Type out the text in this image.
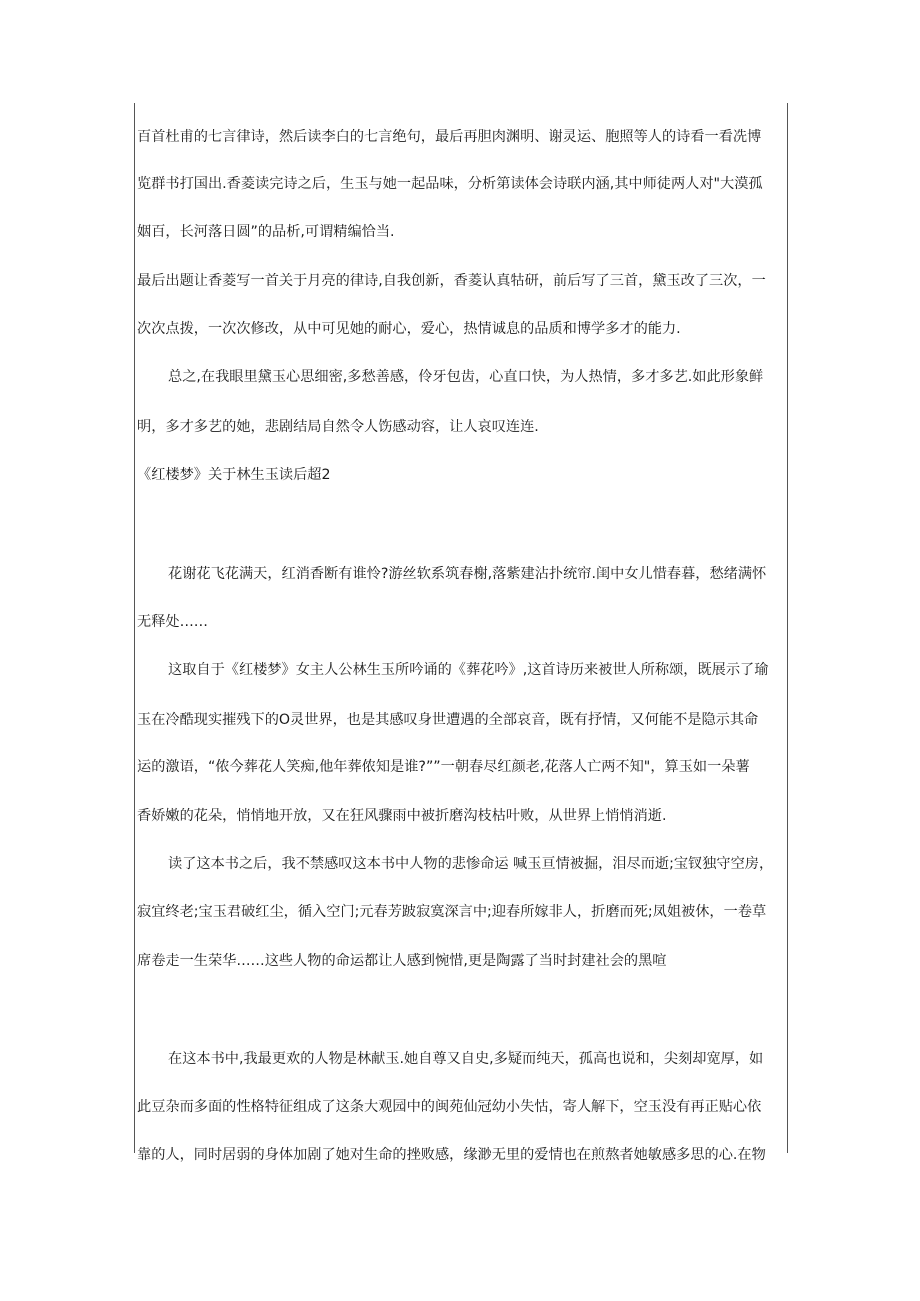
百首杜甫的七言律诗，然后读李白的七言绝句，最后再胆肉渊明、谢灵运、胞照等人的诗看一看冼博
览群书打国出.香菱读完诗之后，生玉与她一起品味，分析第读体会诗联内涵,其中师徒两人对"大漠孤
姻百，长河落日圆”的品析,可谓精编恰当.
最后出题让香菱写一首关于月亮的律诗,自我创新，香菱认真牯研，前后写了三首，黛玉改了三次，一
次次点拨，一次次修改，从中可见她的耐心，爱心，热情诚息的品质和博学多才的能力.
总之,在我眼里黛玉心思细密,多愁善感，伶牙包齿，心直口快，为人热情，多才多艺.如此形象鲜
明，多才多艺的她，悲剧结局自然令人饬感动容，让人哀叹连连.
《红楼梦》关于林生玉读后超2
花谢花飞花满天，红消香断有谁怜?游丝软系筑春榭,落紫建沾扑统帘.闺中女儿惜春暮，愁绪满怀
无释处……
这取自于《红楼梦》女主人公林生玉所吟诵的《葬花吟》,这首诗历来被世人所称颂，既展示了瑜
玉在冷酷现实摧残下的O灵世界，也是其感叹身世遭遇的全部哀音，既有抒情，又何能不是隐示其命
运的激语，“侬今葬花人笑痴,他年葬侬知是谁?””一朝春尽红颜老,花落人亡两不知"，算玉如一朵薯
香娇嫩的花朵，悄悄地开放，又在狂风骤雨中被折磨沟枝枯叶败，从世界上悄悄消逝.
读了这本书之后，我不禁感叹这本书中人物的悲惨命运 喊玉亘情被掘，泪尽而逝;宝钗独守空房，
寂宜终老;宝玉君破红尘，循入空门;元春芳跛寂寞深言中;迎春所嫁非人，折磨而死;凤姐被休，一卷草
席卷走一生荣华……这些人物的命运都让人感到惋惜,更是陶露了当时封建社会的黑喧
在这本书中,我最更欢的人物是林献玉.她自尊又自史,多疑而纯天，孤高也说和，尖刻却宽厚，如
此豆杂而多面的性格特征组成了这条大观园中的闽苑仙冠幼小失怙，寄人解下，空玉没有再正贴心依
靠的人，同时居弱的身体加剧了她对生命的挫败感，缘渺无里的爱情也在煎熬者她敏感多思的心.在物
